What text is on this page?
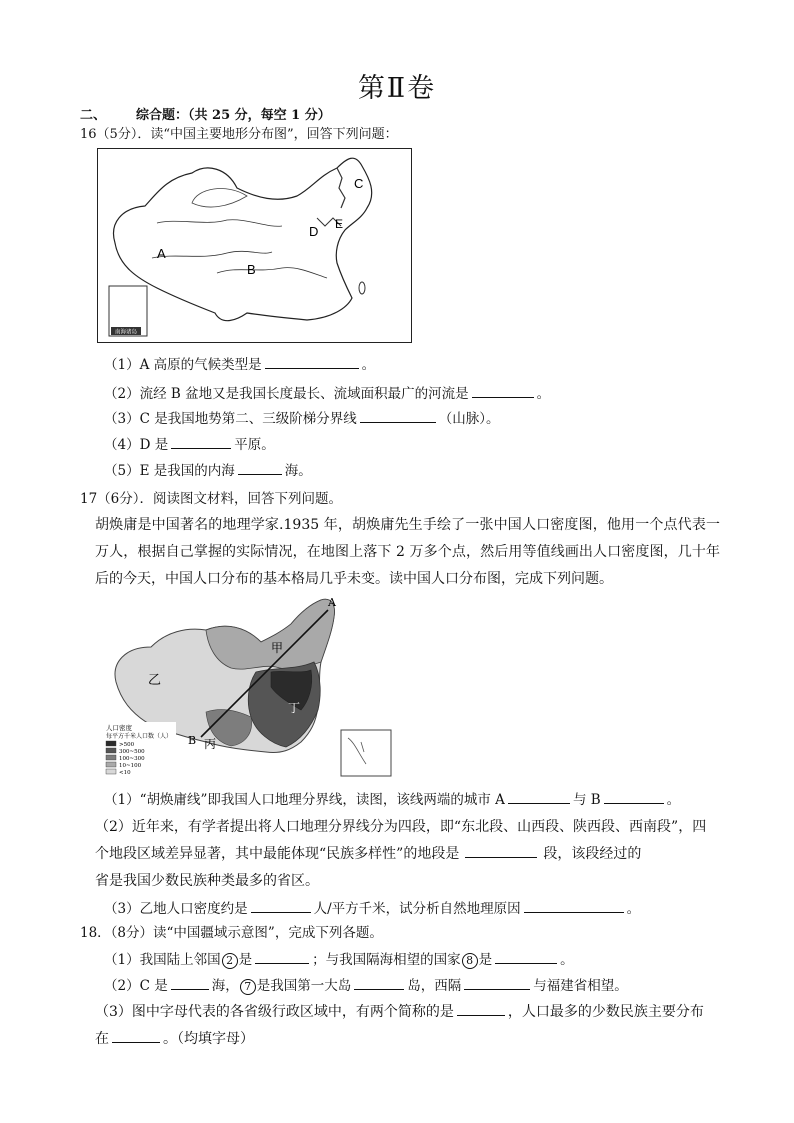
第Ⅱ卷
二、 综合题：（共 25 分，每空 1 分）
16（5分）．读“中国主要地形分布图”，回答下列问题：
南海诸岛
A
B
C
D E
（1）A 高原的气候类型是	。
（2）流经 B 盆地又是我国长度最长、流域面积最广的河流是	。
（3）C 是我国地势第二、三级阶梯分界线	（山脉）。
（4）D 是	平原。
（5）E 是我国的内海	海。
17（6分）．阅读图文材料，回答下列问题。
胡焕庸是中国著名的地理学家.1935 年，胡焕庸先生手绘了一张中国人口密度图，他用一个点代表一万人，根据自己掌握的实际情况，在地图上落下 2 万多个点，然后用等值线画出人口密度图，几十年后的今天，中国人口分布的基本格局几乎未变。读中国人口分布图，完成下列问题。
人口密度
每平方千米人口数（人）
>500
300~500
100~300
10~100
<10
A
B
甲
乙
丙
丁
（1）“胡焕庸线”即我国人口地理分界线，读图，该线两端的城市 A	与 B	。
（2）近年来，有学者提出将人口地理分界线分为四段，即“东北段、山西段、陕西段、西南段”，四
个地段区域差异显著，其中最能体现“民族多样性”的地段是	段，该段经过的
省是我国少数民族种类最多的省区。
（3）乙地人口密度约是	人/平方千米，试分析自然地理原因	。
18．（8分）读“中国疆域示意图”，完成下列各题。
（1）我国陆上邻国 2 是	；与我国隔海相望的国家 8 是	。
（2）C 是	海， 7 是我国第一大岛	岛，西隔	与福建省相望。
（3）图中字母代表的各省级行政区域中，有两个简称的是	，人口最多的少数民族主要分布
在	。（均填字母）
